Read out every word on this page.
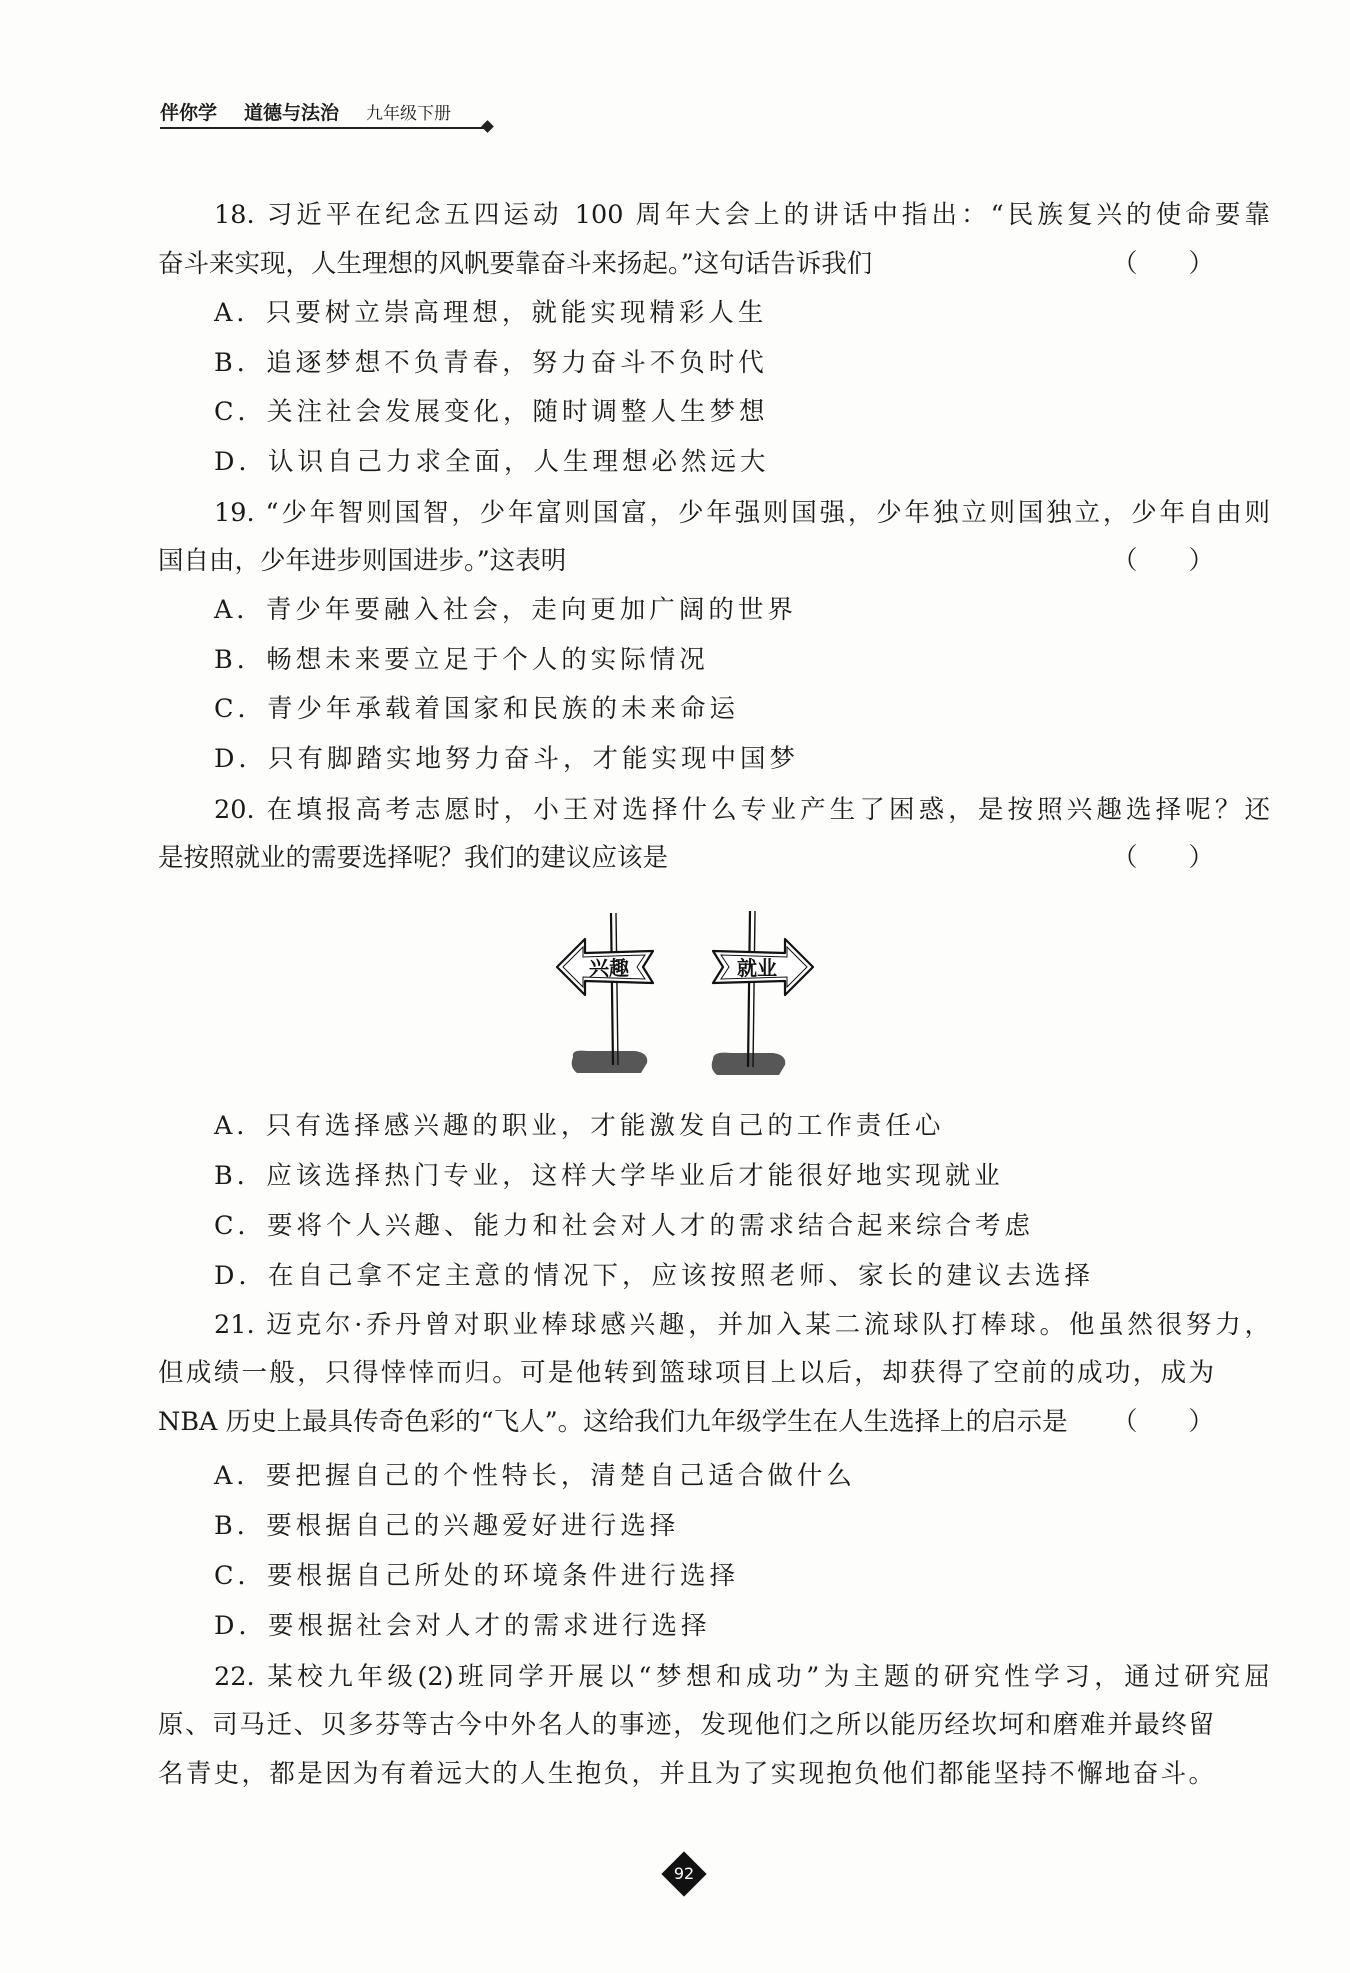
伴你学 道德与法治 九年级下册
18. 习近平在纪念五四运动 100 周年大会上的讲话中指出：“民族复兴的使命要靠
奋斗来实现，人生理想的风帆要靠奋斗来扬起。”这句话告诉我们	（　　）
A．只要树立崇高理想，就能实现精彩人生
B．追逐梦想不负青春，努力奋斗不负时代
C．关注社会发展变化，随时调整人生梦想
D．认识自己力求全面，人生理想必然远大
19. “少年智则国智，少年富则国富，少年强则国强，少年独立则国独立，少年自由则
国自由，少年进步则国进步。”这表明	（　　）
A．青少年要融入社会，走向更加广阔的世界
B．畅想未来要立足于个人的实际情况
C．青少年承载着国家和民族的未来命运
D．只有脚踏实地努力奋斗，才能实现中国梦
20. 在填报高考志愿时，小王对选择什么专业产生了困惑，是按照兴趣选择呢？还
是按照就业的需要选择呢？我们的建议应该是	（　　）
A．只有选择感兴趣的职业，才能激发自己的工作责任心
B．应该选择热门专业，这样大学毕业后才能很好地实现就业
C．要将个人兴趣、能力和社会对人才的需求结合起来综合考虑
D．在自己拿不定主意的情况下，应该按照老师、家长的建议去选择
21. 迈克尔·乔丹曾对职业棒球感兴趣，并加入某二流球队打棒球。他虽然很努力，
但成绩一般，只得悻悻而归。可是他转到篮球项目上以后，却获得了空前的成功，成为
NBA 历史上最具传奇色彩的“飞人”。这给我们九年级学生在人生选择上的启示是 （　　）
A．要把握自己的个性特长，清楚自己适合做什么
B．要根据自己的兴趣爱好进行选择
C．要根据自己所处的环境条件进行选择
D．要根据社会对人才的需求进行选择
22. 某校九年级(2)班同学开展以“梦想和成功”为主题的研究性学习，通过研究屈
原、司马迁、贝多芬等古今中外名人的事迹，发现他们之所以能历经坎坷和磨难并最终留
名青史，都是因为有着远大的人生抱负，并且为了实现抱负他们都能坚持不懈地奋斗。
兴趣	就业
92
